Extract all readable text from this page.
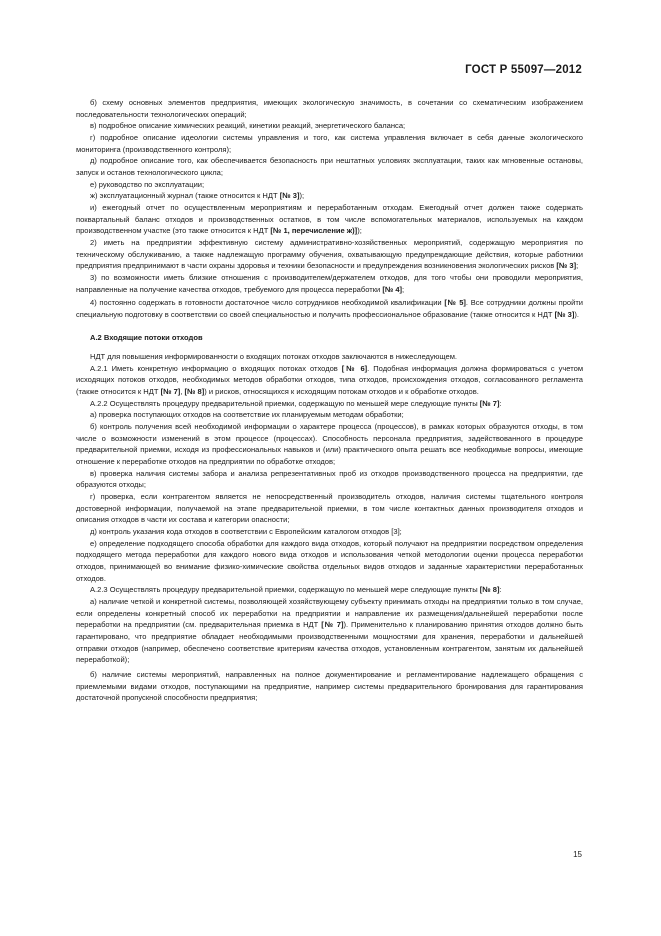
ГОСТ Р 55097—2012

б) схему основных элементов предприятия, имеющих экологическую значимость, в сочетании со схематическим изображением последовательности технологических операций;

в) подробное описание химических реакций, кинетики реакций, энергетического баланса;

г) подробное описание идеологии системы управления и того, как система управления включает в себя данные экологического мониторинга (производственного контроля);

д) подробное описание того, как обеспечивается безопасность при нештатных условиях эксплуатации, таких как мгновенные остановы, запуск и останов технологического цикла;

е) руководство по эксплуатации;

ж) эксплуатационный журнал (также относится к НДТ [№ 3]);

и) ежегодный отчет по осуществленным мероприятиям и переработанным отходам. Ежегодный отчет должен также содержать поквартальный баланс отходов и производственных остатков, в том числе вспомогательных материалов, используемых на каждом производственном участке (это также относится к НДТ [№ 1, перечисление ж)]);

2) иметь на предприятии эффективную систему административно-хозяйственных мероприятий, содержащую мероприятия по техническому обслуживанию, а также надлежащую программу обучения, охватывающую предупреждающие действия, которые работники предприятия предпринимают в части охраны здоровья и техники безопасности и предупреждения возникновения экологических рисков [№ 3];

3) по возможности иметь близкие отношения с производителем/держателем отходов, для того чтобы они проводили мероприятия, направленные на получение качества отходов, требуемого для процесса переработки [№ 4];

4) постоянно содержать в готовности достаточное число сотрудников необходимой квалификации [№ 5]. Все сотрудники должны пройти специальную подготовку в соответствии со своей специальностью и получить профессиональное образование (также относится к НДТ [№ 3]).

А.2 Входящие потоки отходов

НДТ для повышения информированности о входящих потоках отходов заключаются в нижеследующем.

А.2.1 Иметь конкретную информацию о входящих потоках отходов [№ 6]. Подобная информация должна формироваться с учетом исходящих потоков отходов, необходимых методов обработки отходов, типа отходов, происхождения отходов, согласованного регламента (также относится к НДТ [№ 7], [№ 8]) и рисков, относящихся к исходящим потокам отходов и к обработке отходов.

А.2.2 Осуществлять процедуру предварительной приемки, содержащую по меньшей мере следующие пункты [№ 7]:

а) проверка поступающих отходов на соответствие их планируемым методам обработки;

б) контроль получения всей необходимой информации о характере процесса (процессов), в рамках которых образуются отходы, в том числе о возможности изменений в этом процессе (процессах). Способность персонала предприятия, задействованного в процедуре предварительной приемки, исходя из профессиональных навыков и (или) практического опыта решать все необходимые вопросы, имеющие отношение к переработке отходов на предприятии по обработке отходов;

в) проверка наличия системы забора и анализа репрезентативных проб из отходов производственного процесса на предприятии, где образуются отходы;

г) проверка, если контрагентом является не непосредственный производитель отходов, наличия системы тщательного контроля достоверной информации, получаемой на этапе предварительной приемки, в том числе контактных данных производителя отходов и описания отходов в части их состава и категории опасности;

д) контроль указания кода отходов в соответствии с Европейским каталогом отходов [3];

е) определение подходящего способа обработки для каждого вида отходов, который получают на предприятии посредством определения подходящего метода переработки для каждого нового вида отходов и использования четкой методологии оценки процесса переработки отходов, принимающей во внимание физико-химические свойства отдельных видов отходов и заданные характеристики переработанных отходов.

А.2.3 Осуществлять процедуру предварительной приемки, содержащую по меньшей мере следующие пункты [№ 8]:

а) наличие четкой и конкретной системы, позволяющей хозяйствующему субъекту принимать отходы на предприятии только в том случае, если определены конкретный способ их переработки на предприятии и направление их размещения/дальнейшей переработки после переработки на предприятии (см. предварительная приемка в НДТ [№ 7]). Применительно к планированию принятия отходов должно быть гарантировано, что предприятие обладает необходимыми производственными мощностями для хранения, переработки и дальнейшей отправки отходов (например, обеспечено соответствие критериям качества отходов, установленным контрагентом, занятым их дальнейшей переработкой);

б) наличие системы мероприятий, направленных на полное документирование и регламентирование надлежащего обращения с приемлемыми видами отходов, поступающими на предприятие, например системы предварительного бронирования для гарантирования достаточной пропускной способности предприятия;

15
